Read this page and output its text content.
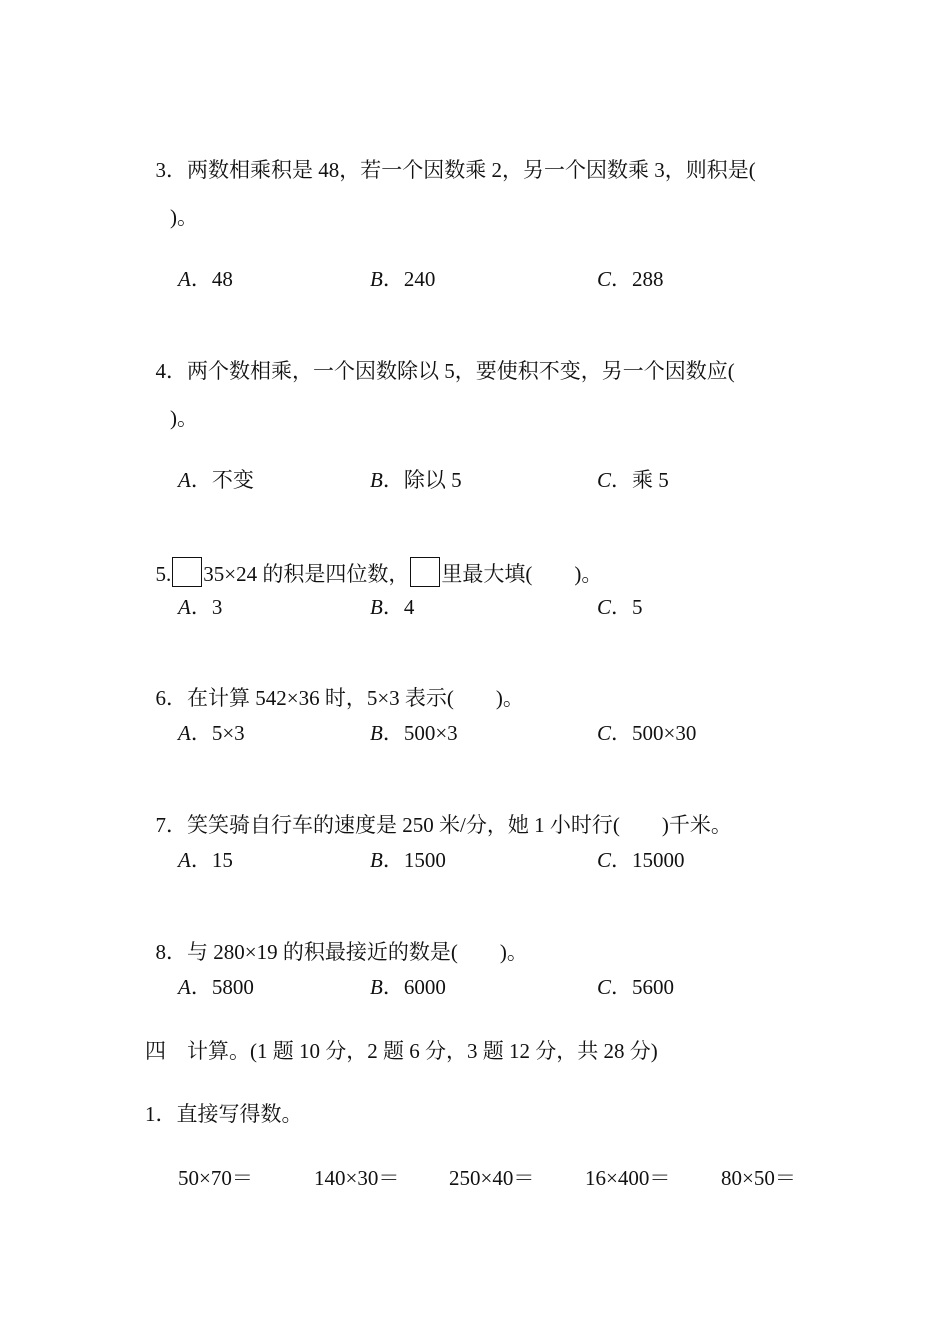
3．两数相乘积是 48，若一个因数乘 2，另一个因数乘 3，则积是(

)。
A．48	B．240	C．288

4．两个数相乘，一个因数除以 5，要使积不变，另一个因数应(

)。
A．不变	B．除以 5	C．乘 5

5. 35×24 的积是四位数， 里最大填(　　)。

A．3	B．4	C．5

6．在计算 542×36 时，5×3 表示(　　)。

A．5×3	B．500×3	C．500×30

7．笑笑骑自行车的速度是 250 米/分，她 1 小时行(　　)千米。

A．15	B．1500	C．15000

8．与 280×19 的积最接近的数是(　　)。

A．5800	B．6000	C．5600
四　计算。(1 题 10 分，2 题 6 分，3 题 12 分，共 28 分)
1．直接写得数。
50×70＝	140×30＝ 250×40＝ 16×400＝ 80×50＝
